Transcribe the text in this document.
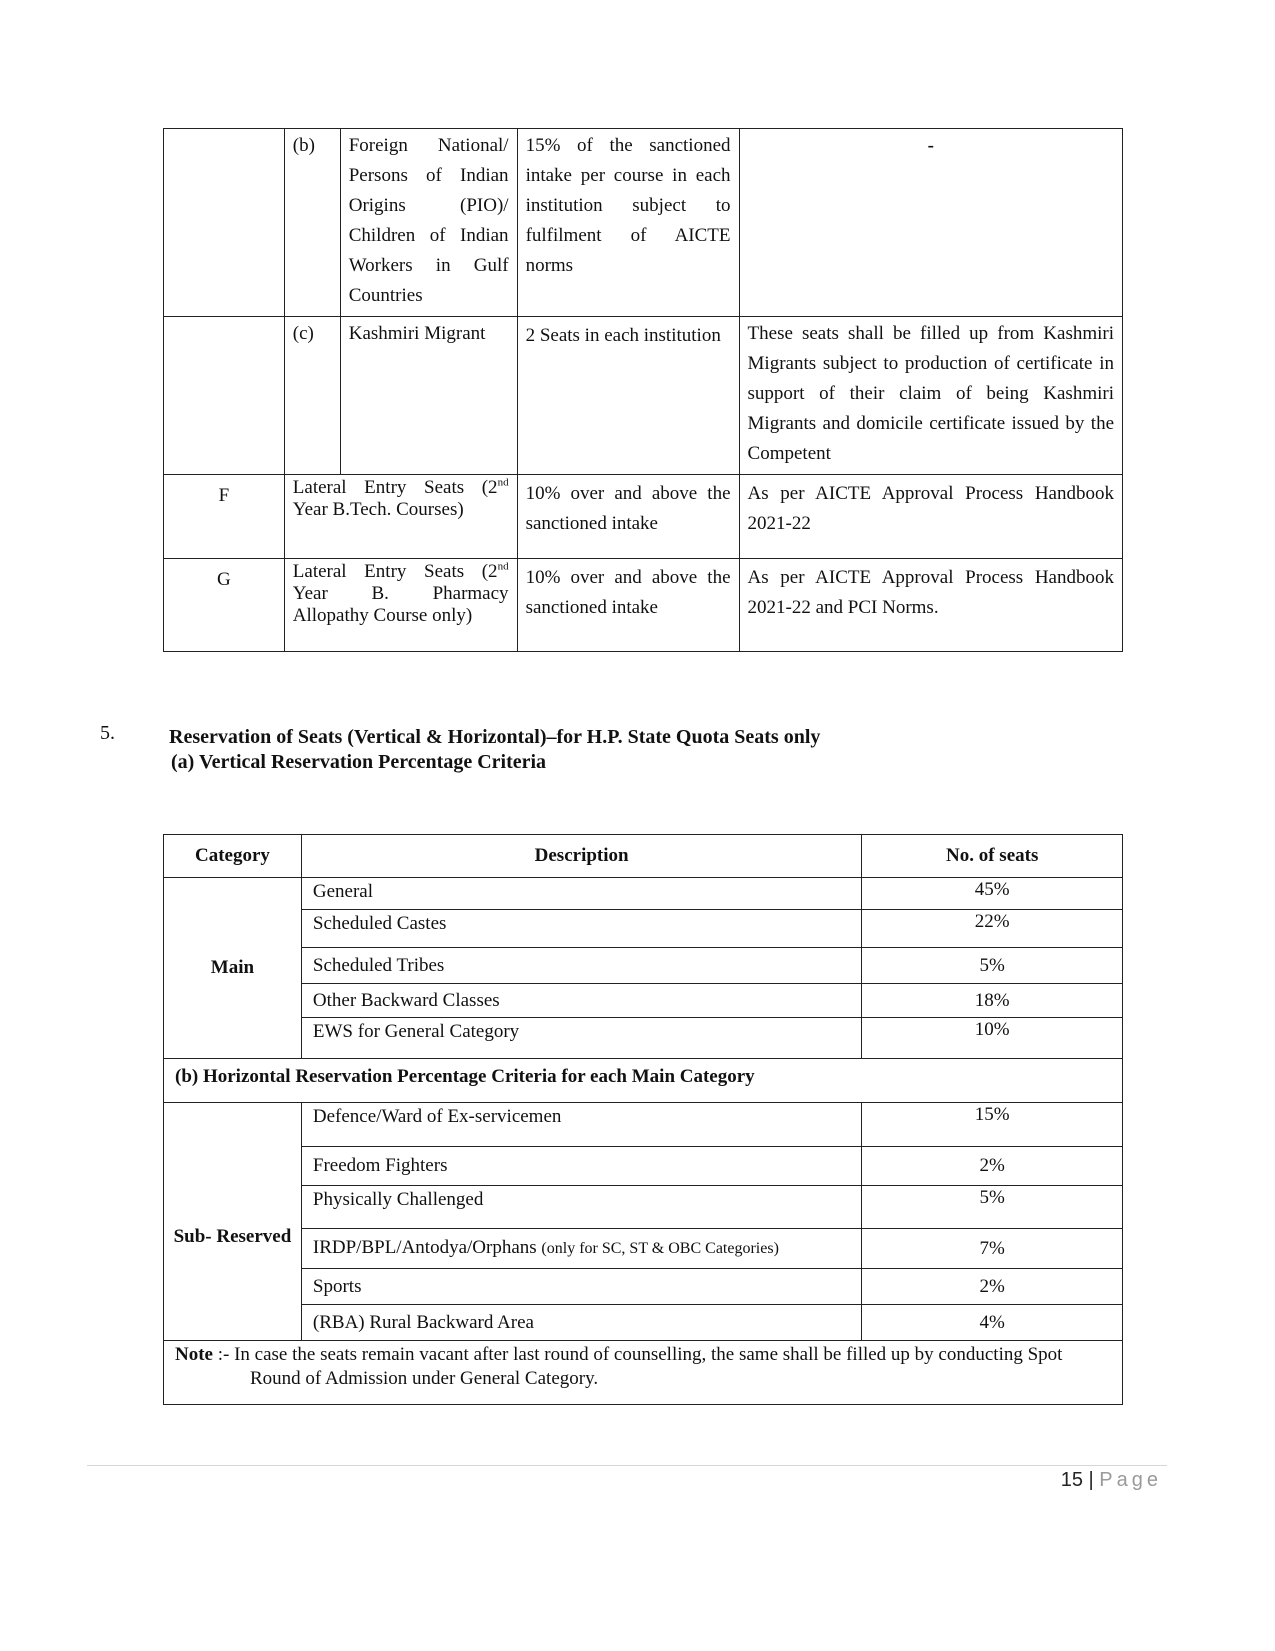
	(b)	Foreign National/ Persons of Indian Origins (PIO)/ Children of Indian Workers in Gulf Countries	15% of the sanctioned intake per course in each institution subject to fulfilment of AICTE norms	-
	(c)	Kashmiri Migrant	2 Seats in each institution	These seats shall be filled up from Kashmiri Migrants subject to production of certificate in support of their claim of being Kashmiri Migrants and domicile certificate issued by the Competent
F	Lateral Entry Seats (2nd Year B.Tech. Courses)		10% over and above the sanctioned intake	As per AICTE Approval Process Handbook 2021-22
G	Lateral Entry Seats (2nd Year B. Pharmacy Allopathy Course only)		10% over and above the sanctioned intake	As per AICTE Approval Process Handbook 2021-22 and PCI Norms.
5.	Reservation of Seats (Vertical & Horizontal)–for H.P. State Quota Seats only
(a) Vertical Reservation Percentage Criteria
Category	Description	No. of seats
Main	General	45%
	Scheduled Castes	22%
	Scheduled Tribes	5%
	Other Backward Classes	18%
	EWS for General Category	10%
(b) Horizontal Reservation Percentage Criteria for each Main Category		
Sub- Reserved	Defence/Ward of Ex-servicemen	15%
	Freedom Fighters	2%
	Physically Challenged	5%
	IRDP/BPL/Antodya/Orphans (only for SC, ST & OBC Categories)	7%
	Sports	2%
	(RBA) Rural Backward Area	4%

Note :- In case the seats remain vacant after last round of counselling, the same shall be filled up by conducting Spot Round of Admission under General Category.		
15 | Page
